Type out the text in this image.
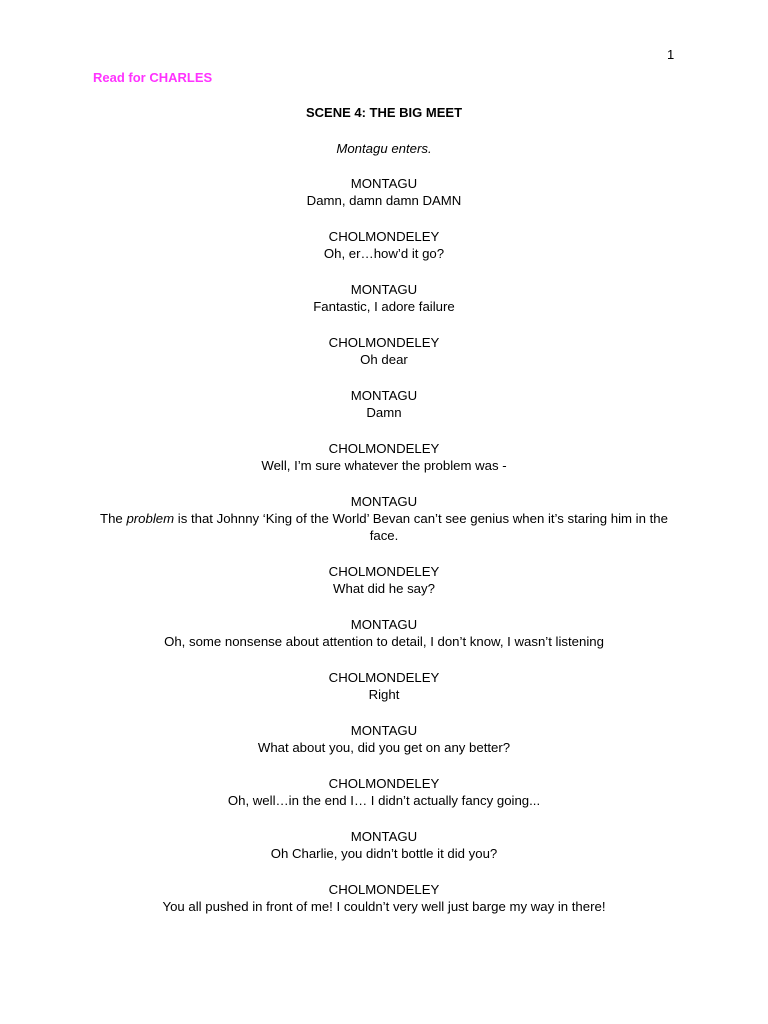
1
Read for CHARLES
SCENE 4: THE BIG MEET
Montagu enters.
MONTAGU
Damn, damn damn DAMN
CHOLMONDELEY
Oh, er…how’d it go?
MONTAGU
Fantastic, I adore failure
CHOLMONDELEY
Oh dear
MONTAGU
Damn
CHOLMONDELEY
Well, I’m sure whatever the problem was -
MONTAGU
The problem is that Johnny ‘King of the World’ Bevan can’t see genius when it’s staring him in the face.
CHOLMONDELEY
What did he say?
MONTAGU
Oh, some nonsense about attention to detail, I don’t know, I wasn’t listening
CHOLMONDELEY
Right
MONTAGU
What about you, did you get on any better?
CHOLMONDELEY
Oh, well…in the end I… I didn’t actually fancy going...
MONTAGU
Oh Charlie, you didn’t bottle it did you?
CHOLMONDELEY
You all pushed in front of me! I couldn’t very well just barge my way in there!
